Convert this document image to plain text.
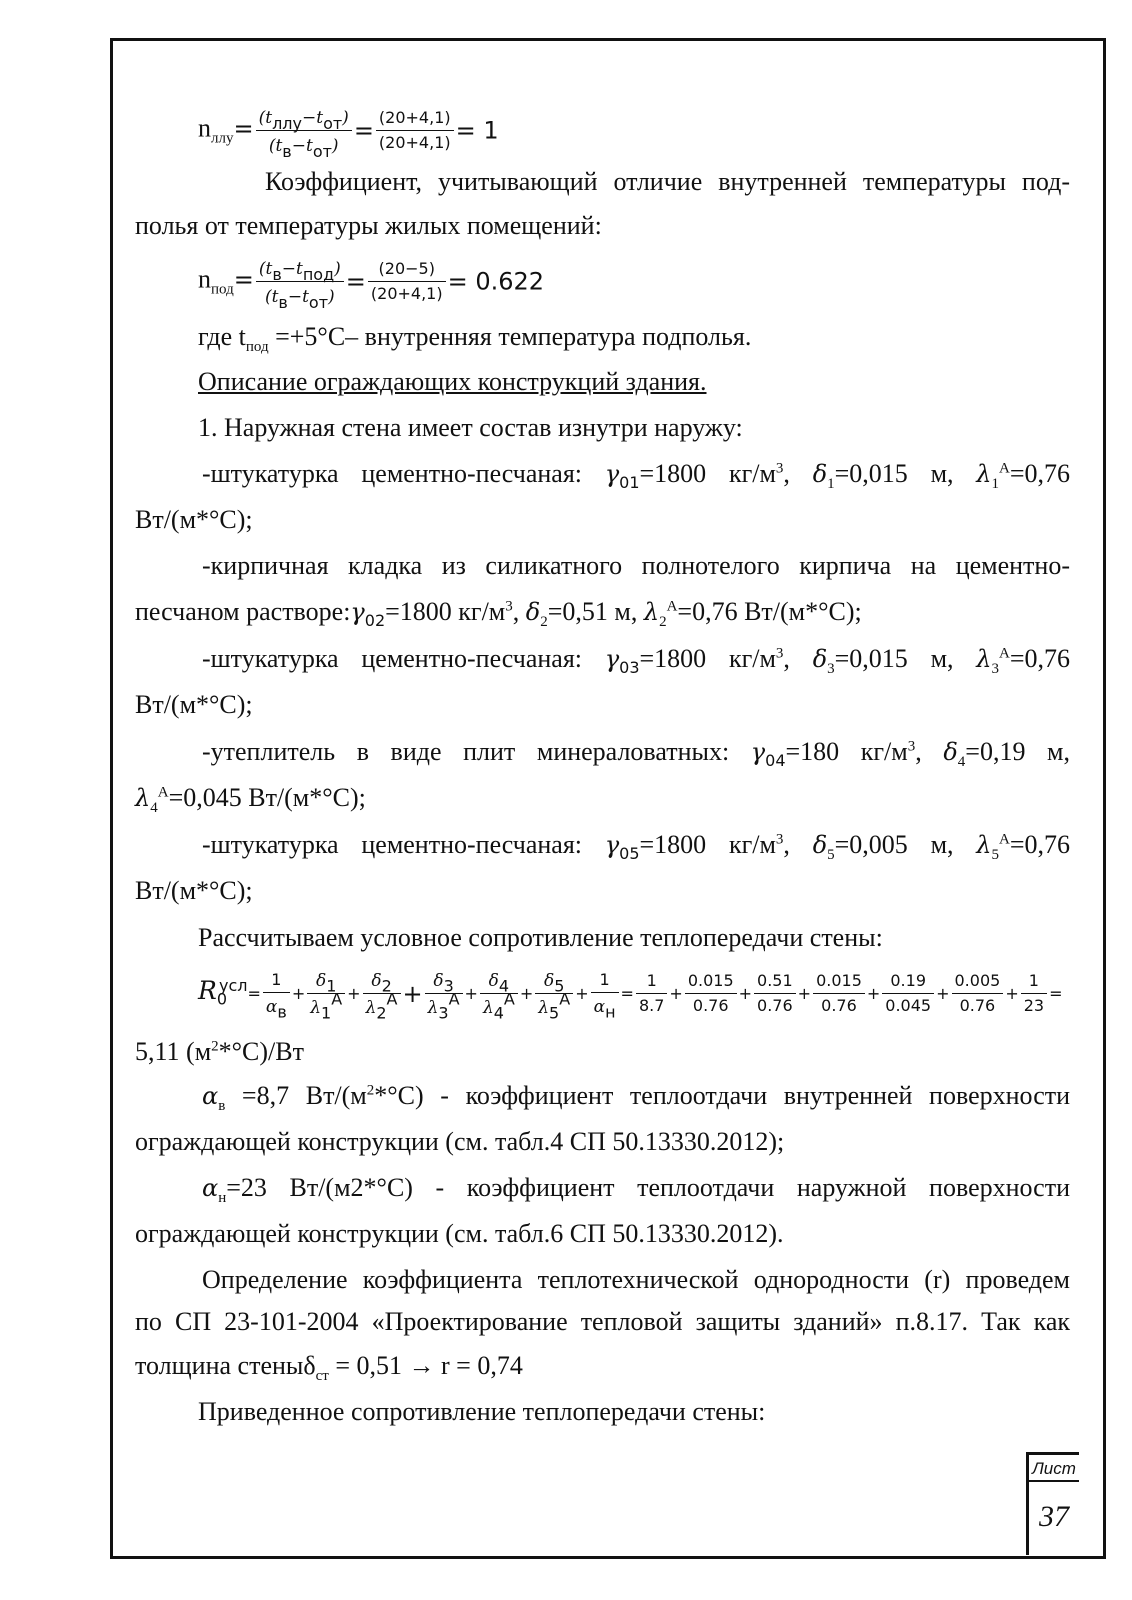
$n_{ллу}= \frac{(t_{ллу}-t_{от})}{(t_в-t_{от})} = \frac{(20+4,1)}{(20+4,1)} = 1$
Коэффициент, учитывающий отличие внутренней температуры под-
полья от температуры жилых помещений:
$n_{под}= \frac{(t_в-t_{под})}{(t_в-t_{от})} = \frac{(20-5)}{(20+4,1)} = 0.622$
где $t_{под} =+5^\circ С-$ внутренняя температура подполья.
Описание ограждающих конструкций здания.
1. Наружная стена имеет состав изнутри наружу:
-штукатурка цементно-песчаная: $\gamma_{01}=1800$ $кг/м^3$, $\delta_1=0,015$ м, $\lambda_1^А=0,76$
Вт/(м*°С);
-кирпичная кладка из силикатного полнотелого кирпича на цементно-
песчаном $растворе:\gamma_{02}=1800$ $кг/м^3$, $\delta_2=0,51$ м, $\lambda_2^А=0,76$ Вт/(м*°С);
-штукатурка цементно-песчаная: $\gamma_{03}=1800$ $кг/м^3$, $\delta_3=0,015$ м, $\lambda_3^А=0,76$
Вт/(м*°С);
-утеплитель в виде плит минераловатных: $\gamma_{04}=180$ $кг/м^3$, $\delta_4=0,19$ м,
$\lambda_4^А=0,045$ Вт/(м*°С);
-штукатурка цементно-песчаная: $\gamma_{05}=1800$ $кг/м^3$, $\delta_5=0,005$ м, $\lambda_5^А=0,76$
Вт/(м*°С);
Рассчитываем условное сопротивление теплопередачи стены:
$R_0^{усл}= \frac{1}{\alpha_в} + \frac{\delta_1}{\lambda_1^А} + \frac{\delta_2}{\lambda_2^А} + \frac{\delta_3}{\lambda_3^А} + \frac{\delta_4}{\lambda_4^А} + \frac{\delta_5}{\lambda_5^А} + \frac{1}{\alpha_н} = \frac{1}{8.7} + \frac{0.015}{0.76} + \frac{0.51}{0.76} + \frac{0.015}{0.76} + \frac{0.19}{0.045} + \frac{0.005}{0.76} + \frac{1}{23}$ =
5,11 $(м^2*^\circ С)/Вт$
$\alpha_в =8,7$ $Вт/(м^2*^\circ С)$ - коэффициент теплоотдачи внутренней поверхности
ограждающей конструкции (см. табл.4 СП 50.13330.2012);
$\alpha_н=23$ Вт/(м2*°С) - коэффициент теплоотдачи наружной поверхности
ограждающей конструкции (см. табл.6 СП 50.13330.2012).
Определение коэффициента теплотехнической однородности (r) проведем
по СП 23-101-2004 «Проектирование тепловой защиты зданий» п.8.17. Так как
толщина стеныδ$_{ст}$ = 0,51 → r = 0,74
Приведенное сопротивление теплопередачи стены:
Лист
37
